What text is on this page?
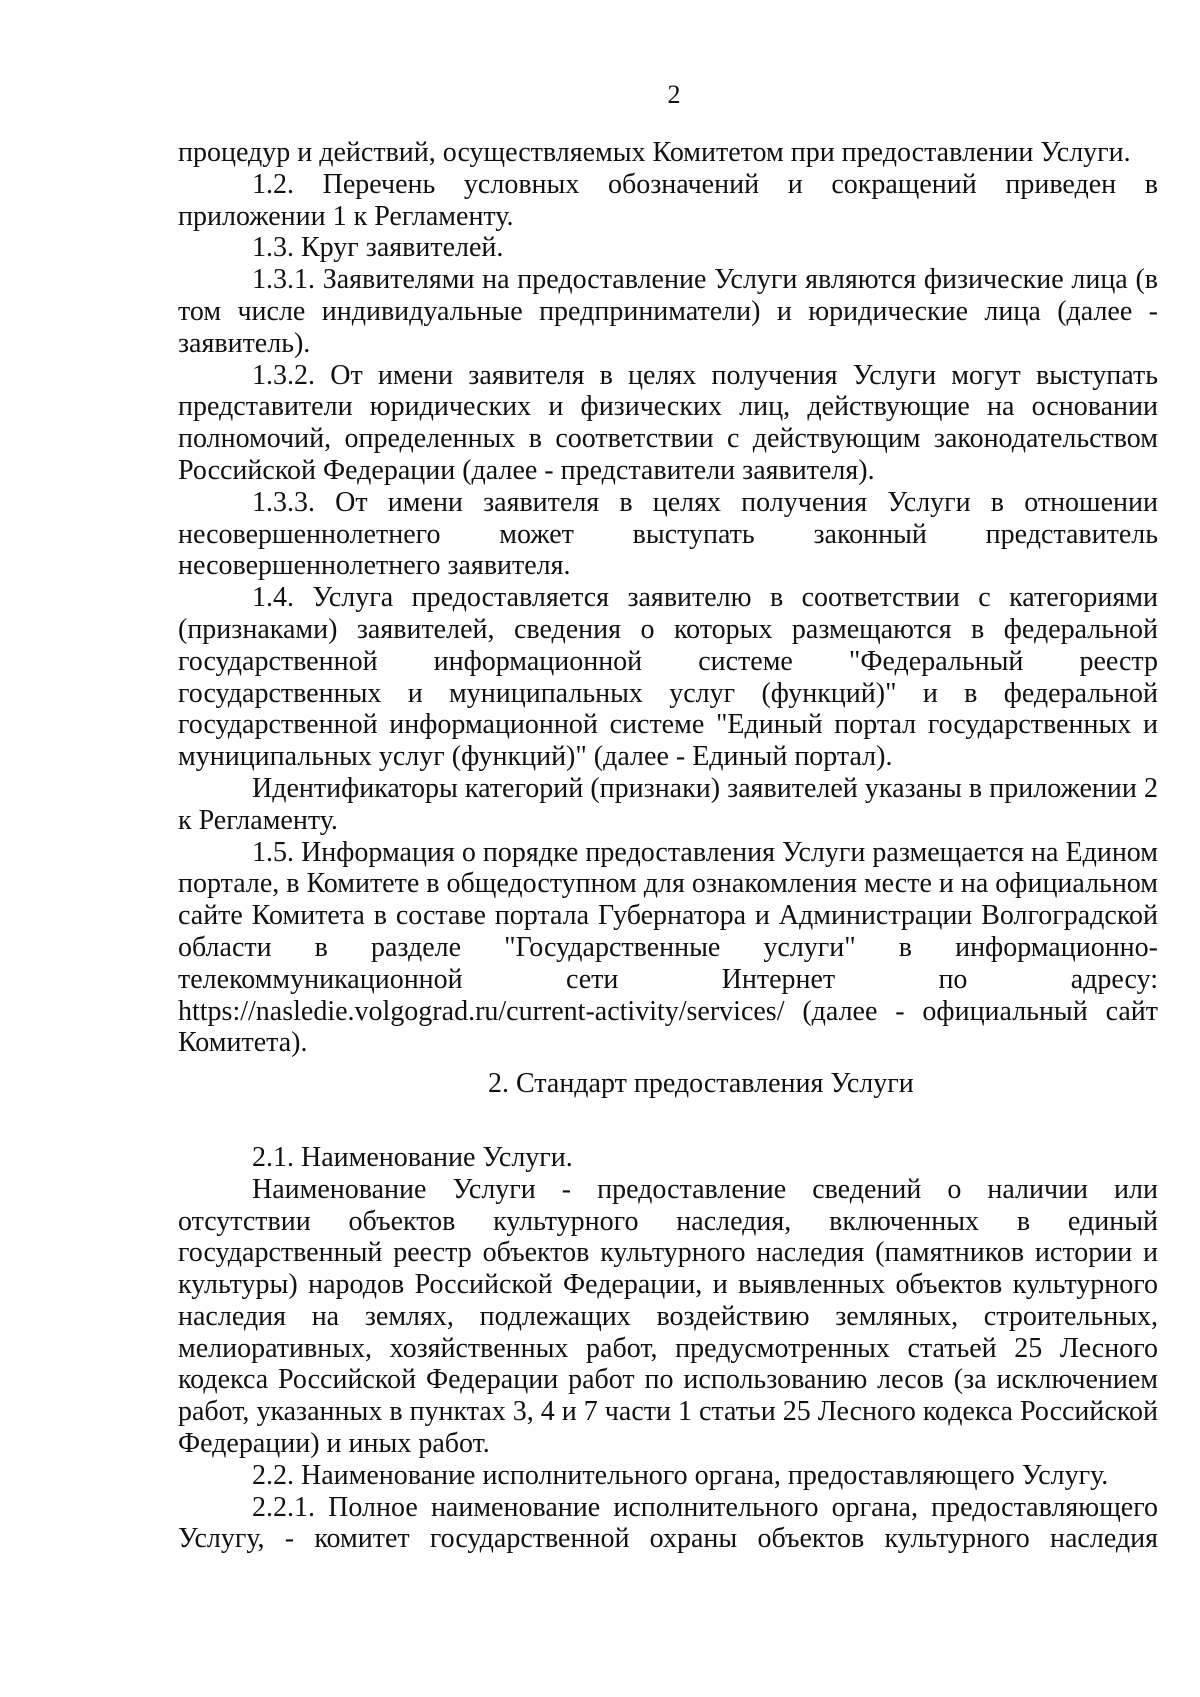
2

процедур и действий, осуществляемых Комитетом при предоставлении Услуги.

1.2. Перечень условных обозначений и сокращений приведен в приложении 1 к Регламенту.

1.3. Круг заявителей.

1.3.1. Заявителями на предоставление Услуги являются физические лица (в том числе индивидуальные предприниматели) и юридические лица (далее - заявитель).

1.3.2. От имени заявителя в целях получения Услуги могут выступать представители юридических и физических лиц, действующие на основании полномочий, определенных в соответствии с действующим законодательством Российской Федерации (далее - представители заявителя).

1.3.3. От имени заявителя в целях получения Услуги в отношении несовершеннолетнего может выступать законный представитель несовершеннолетнего заявителя.

1.4. Услуга предоставляется заявителю в соответствии с категориями (признаками) заявителей, сведения о которых размещаются в федеральной государственной информационной системе "Федеральный реестр государственных и муниципальных услуг (функций)" и в федеральной государственной информационной системе "Единый портал государственных и муниципальных услуг (функций)" (далее - Единый портал).

Идентификаторы категорий (признаки) заявителей указаны в приложении 2 к Регламенту.

1.5. Информация о порядке предоставления Услуги размещается на Едином портале, в Комитете в общедоступном для ознакомления месте и на официальном сайте Комитета в составе портала Губернатора и Администрации Волгоградской области в разделе "Государственные услуги" в информационно-телекоммуникационной сети Интернет по адресу: https://nasledie.volgograd.ru/current-activity/services/ (далее - официальный сайт Комитета).

2. Стандарт предоставления Услуги

2.1. Наименование Услуги.

Наименование Услуги - предоставление сведений о наличии или отсутствии объектов культурного наследия, включенных в единый государственный реестр объектов культурного наследия (памятников истории и культуры) народов Российской Федерации, и выявленных объектов культурного наследия на землях, подлежащих воздействию земляных, строительных, мелиоративных, хозяйственных работ, предусмотренных статьей 25 Лесного кодекса Российской Федерации работ по использованию лесов (за исключением работ, указанных в пунктах 3, 4 и 7 части 1 статьи 25 Лесного кодекса Российской Федерации) и иных работ.

2.2. Наименование исполнительного органа, предоставляющего Услугу.

2.2.1. Полное наименование исполнительного органа, предоставляющего Услугу, - комитет государственной охраны объектов культурного наследия
